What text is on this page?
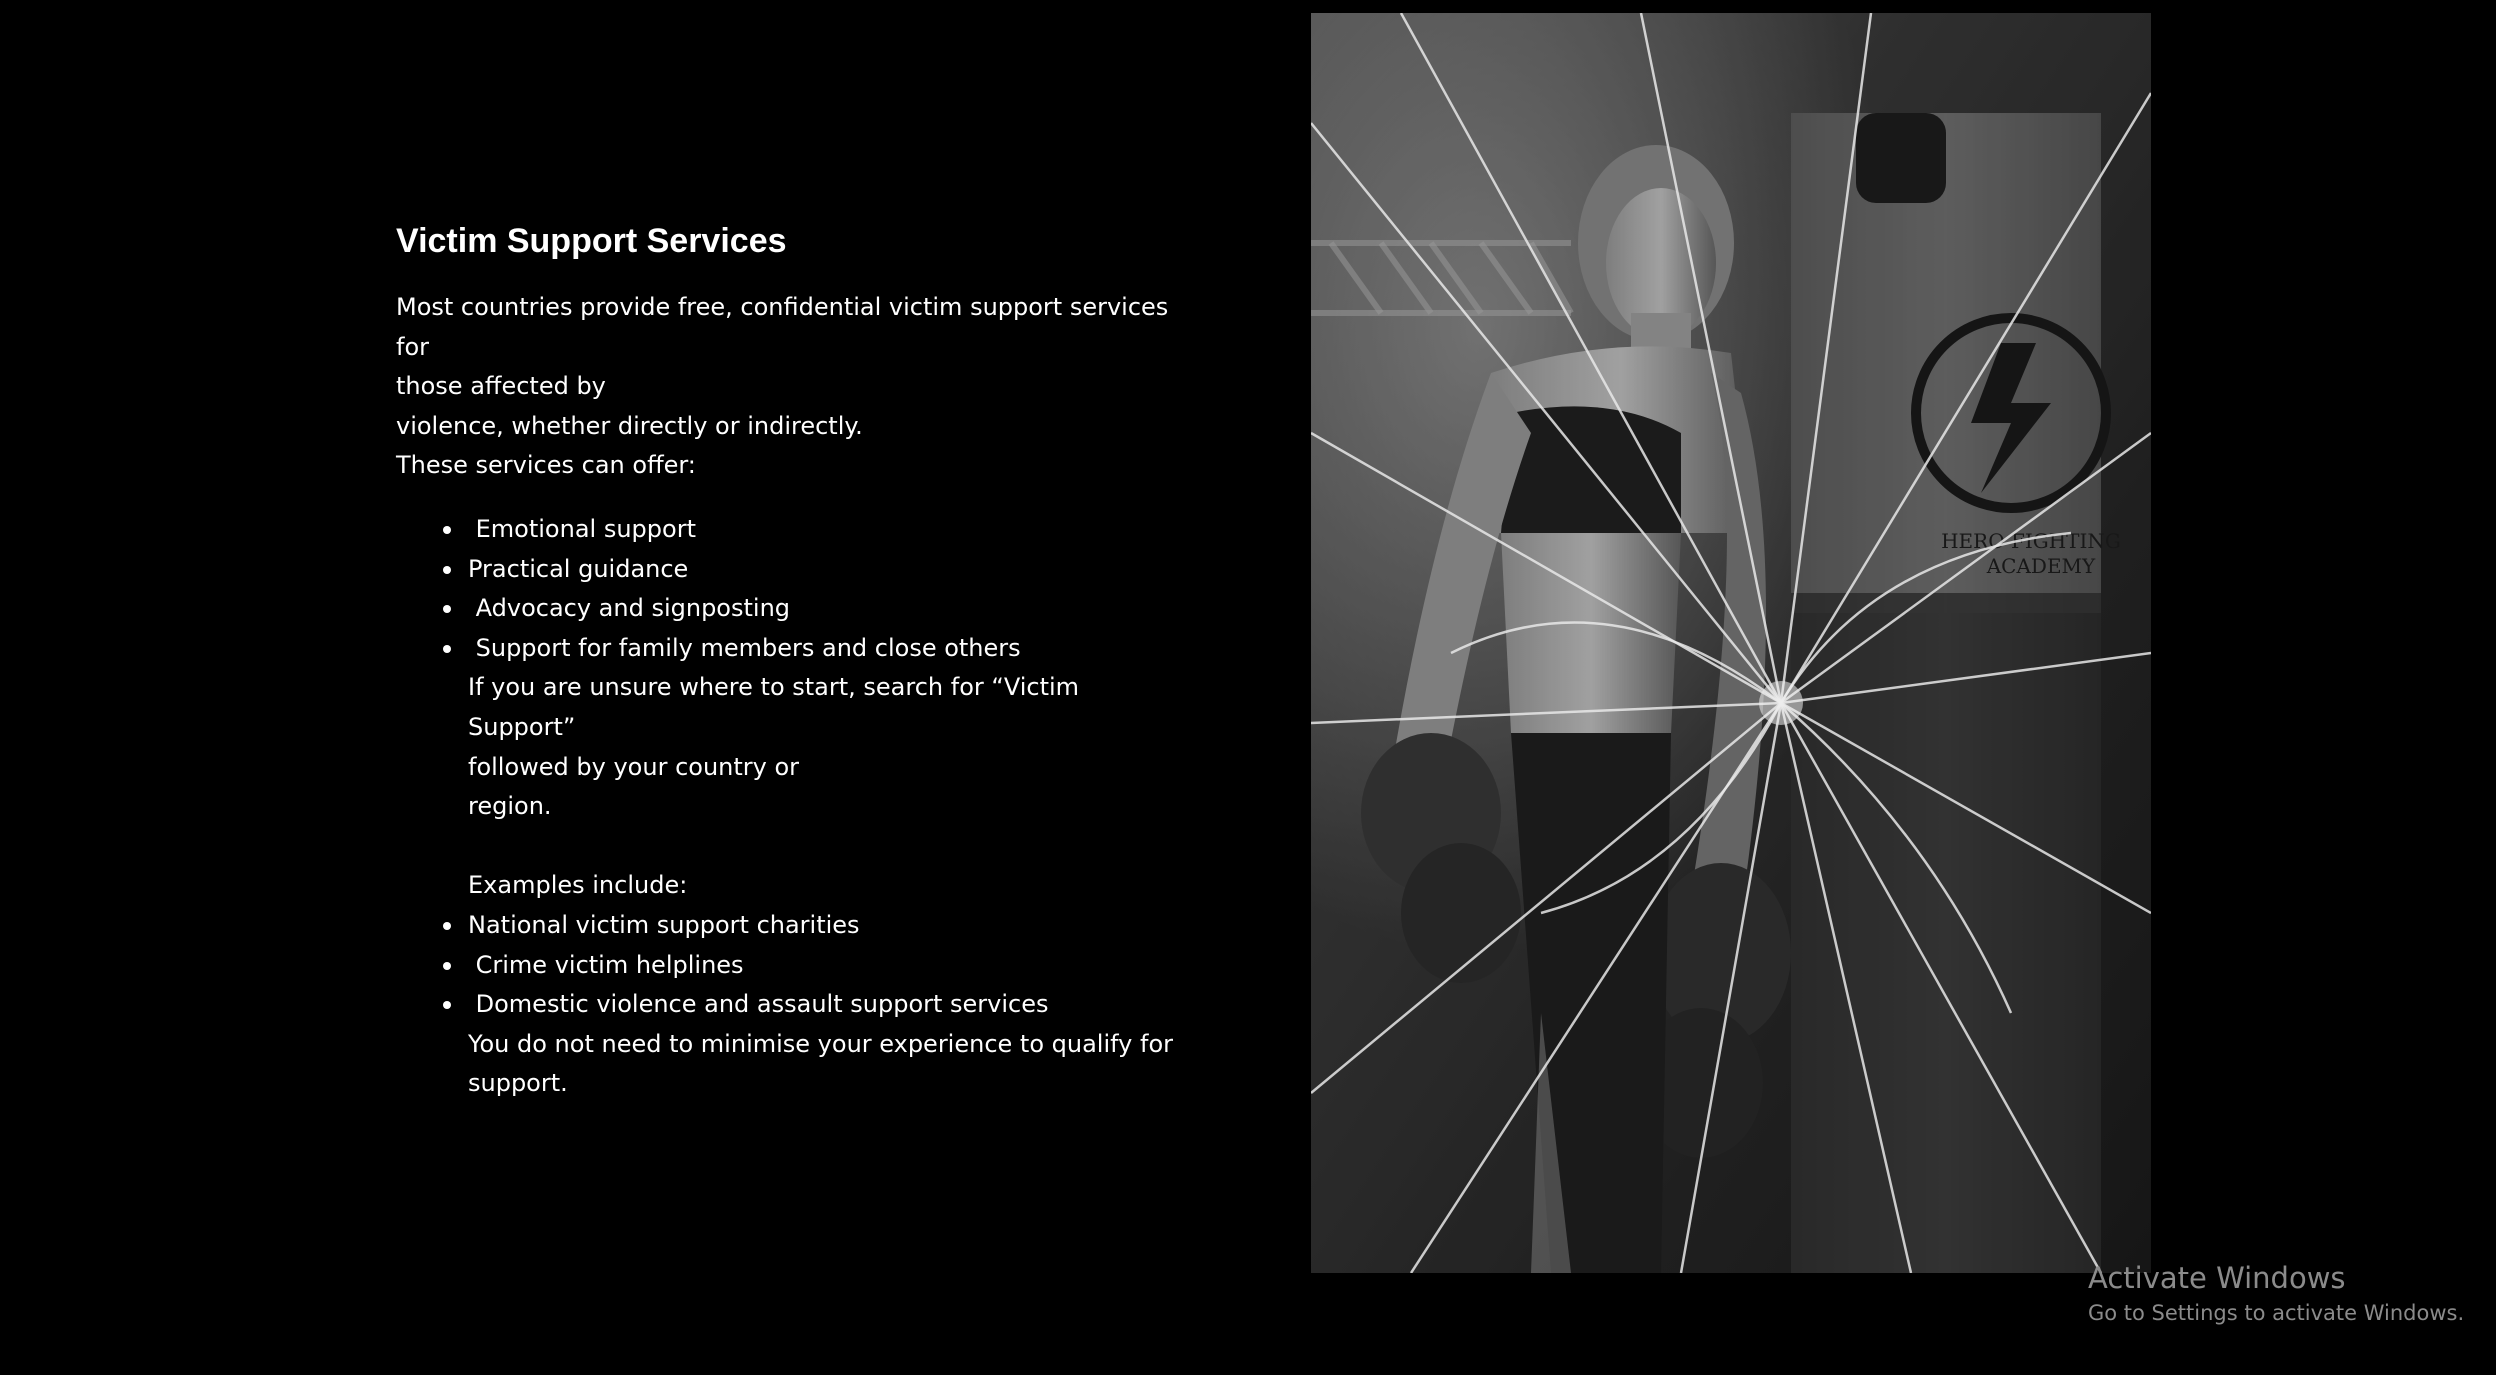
Victim Support Services

Most countries provide free, confidential victim support services for
those affected by
violence, whether directly or indirectly.
These services can offer:

Emotional support
Practical guidance
Advocacy and signposting
Support for family members and close others

If you are unsure where to start, search for “Victim Support”
followed by your country or
region.
Examples include:

National victim support charities
Crime victim helplines
Domestic violence and assault support services

You do not need to minimise your experience to qualify for
support.

HERO FIGHTING
ACADEMY
Activate Windows
Go to Settings to activate Windows.
